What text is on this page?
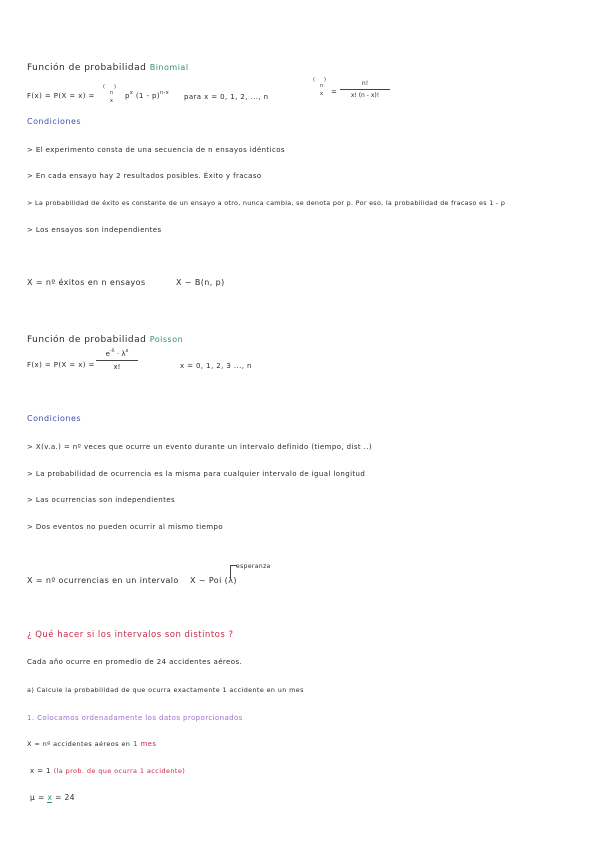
Función de probabilidad Binomial
F(x) = P(X = x) =
(
n
x
)
$p^x$ (1 - p)$^{n-x}$ para x = 0, 1, 2, ..., n
(
n
x
)
=
n!
x! (n - x)!
Condiciones
> El experimento consta de una secuencia de n ensayos idénticos
> En cada ensayo hay 2 resultados posibles. Éxito y fracaso
> La probabilidad de éxito es constante de un ensayo a otro, nunca cambia, se denota por p. Por eso, la probabilidad de fracaso es 1 - p
> Los ensayos son independientes
X = nº éxitos en n ensayos	X ~ B(n, p)
Función de probabilidad Poisson
F(x) = P(X = x) =
$e^{-\lambda} \cdot \lambda^x$
x!	x = 0, 1, 2, 3 ..., n
Condiciones
> X(v.a.) = nº veces que ocurre un evento durante un intervalo definido (tiempo, dist ..)
> La probabilidad de ocurrencia es la misma para cualquier intervalo de igual longitud
> Las ocurrencias son independientes
> Dos eventos no pueden ocurrir al mismo tiempo
X = nº ocurrencias en un intervalo
esperanza
X ~ Poi (λ)
¿ Qué hacer si los intervalos son distintos ?
Cada año ocurre en promedio de 24 accidentes aéreos.
a) Calcule la probabilidad de que ocurra exactamente 1 accidente en un mes
1. Colocamos ordenadamente los datos proporcionados
X = nº accidentes aéreos en 1 mes
x = 1 (la prob. de que ocurra 1 accidente)
μ = x = 24
